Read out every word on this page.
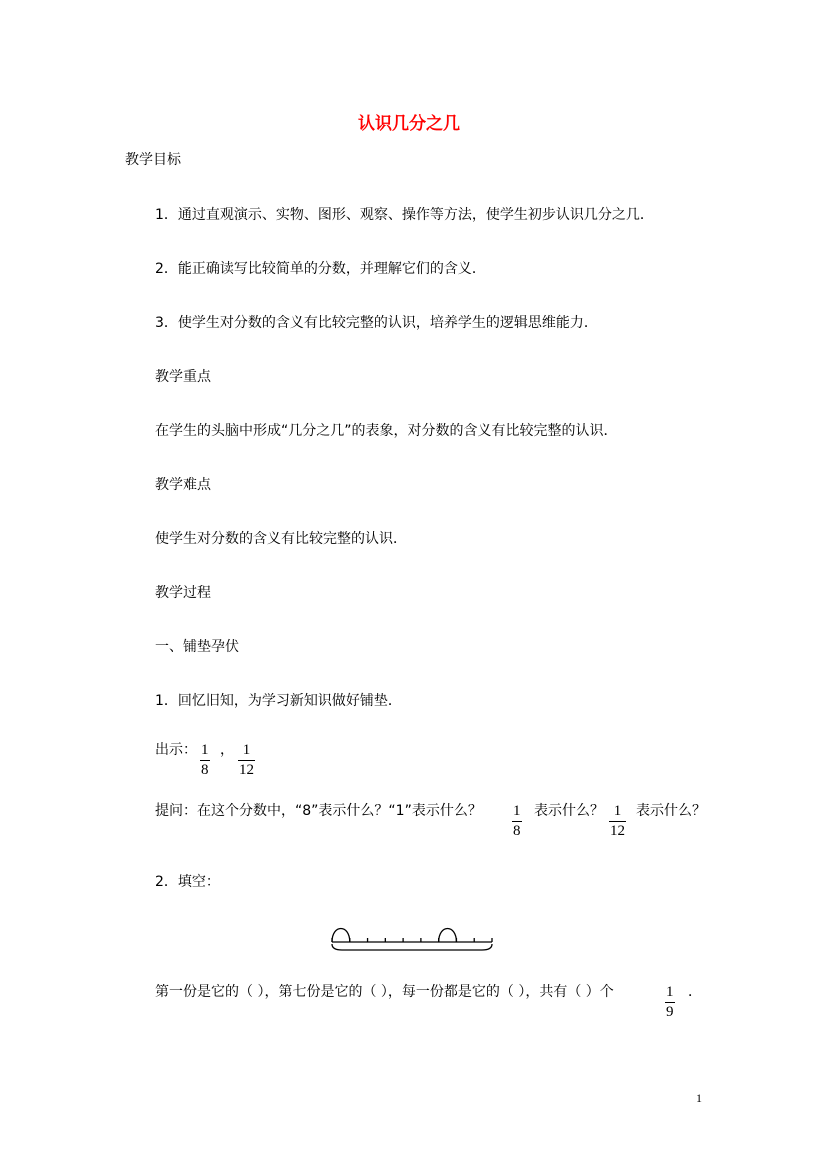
认识几分之几
教学目标
1．通过直观演示、实物、图形、观察、操作等方法，使学生初步认识几分之几．
2．能正确读写比较简单的分数，并理解它们的含义．
3．使学生对分数的含义有比较完整的认识，培养学生的逻辑思维能力．
教学重点
在学生的头脑中形成“几分之几”的表象，对分数的含义有比较完整的认识．
教学难点
使学生对分数的含义有比较完整的认识．
教学过程
一、铺垫孕伏
1．回忆旧知，为学习新知识做好铺垫．
出示： 1
8
， 1
12
提问：在这个分数中，“8”表示什么？“1”表示什么？ 1
8
表示什么？ 1
12
表示什么？
2．填空：
第一份是它的（ ），第七份是它的（ ），每一份都是它的（ ），共有（ ）个	1
9
．
1
